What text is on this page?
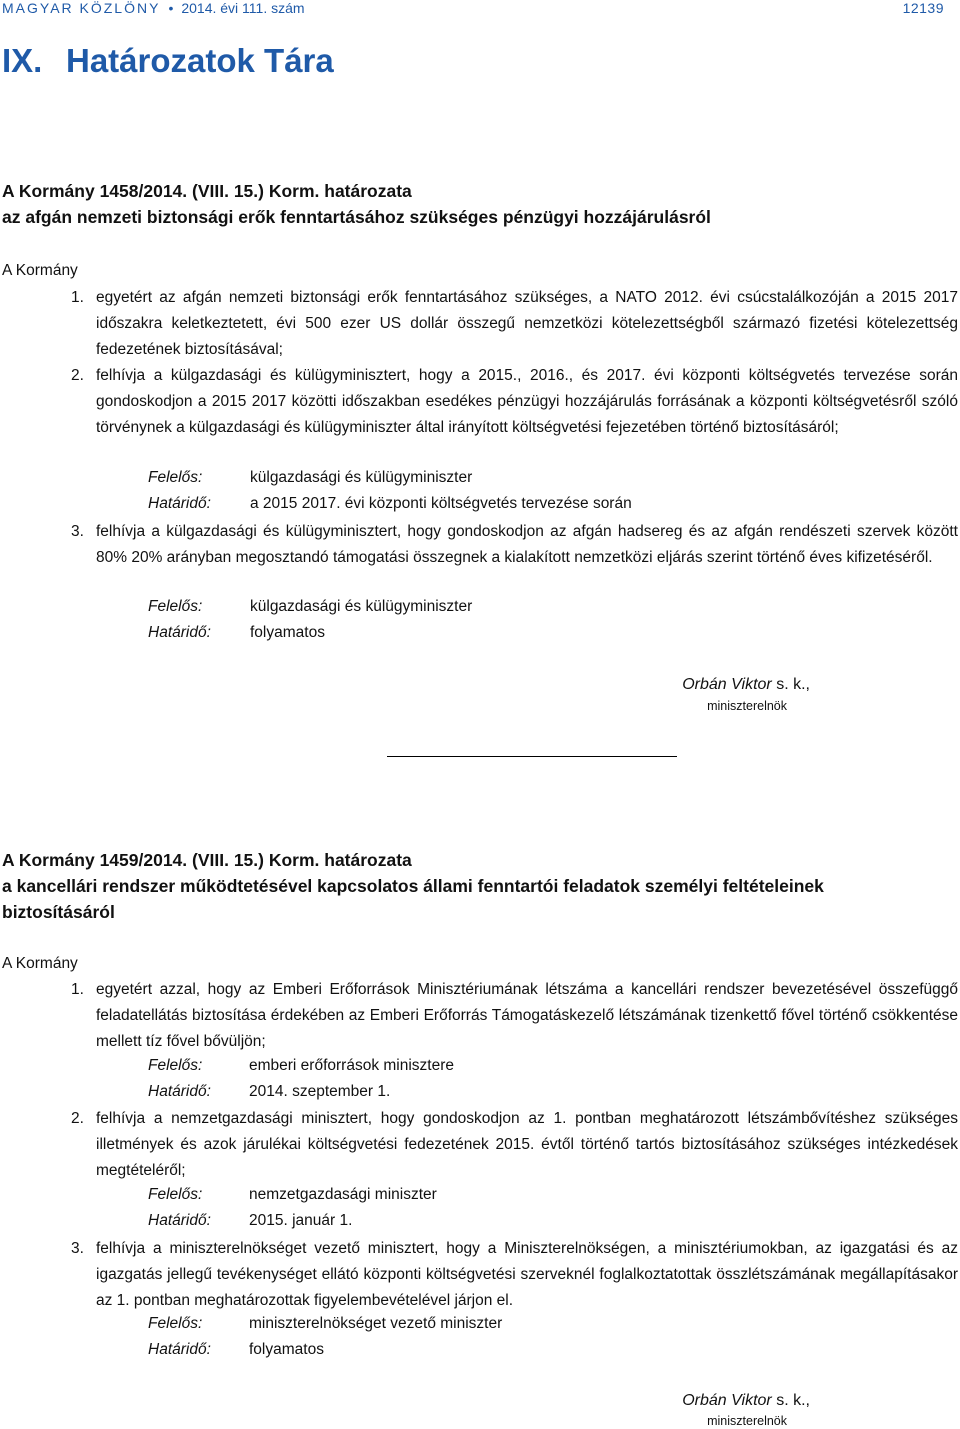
MAGYAR KÖZLÖNY • 2014. évi 111. szám	12139
IX. Határozatok Tára
A Kormány 1458/2014. (VIII. 15.) Korm. határozata
az afgán nemzeti biztonsági erők fenntartásához szükséges pénzügyi hozzájárulásról
A Kormány
1. egyetért az afgán nemzeti biztonsági erők fenntartásához szükséges, a NATO 2012. évi csúcstalálkozóján a 2015 2017 időszakra keletkeztetett, évi 500 ezer US dollár összegű nemzetközi kötelezettségből származó fizetési kötelezettség fedezetének biztosításával;
2. felhívja a külgazdasági és külügyminisztert, hogy a 2015., 2016., és 2017. évi központi költségvetés tervezése során gondoskodjon a 2015 2017 közötti időszakban esedékes pénzügyi hozzájárulás forrásának a központi költségvetésről szóló törvénynek a külgazdasági és külügyminiszter által irányított költségvetési fejezetében történő biztosításáról;
Felelős:	külgazdasági és külügyminiszter
Határidő:	a 2015 2017. évi központi költségvetés tervezése során
3. felhívja a külgazdasági és külügyminisztert, hogy gondoskodjon az afgán hadsereg és az afgán rendészeti szervek között 80% 20% arányban megosztandó támogatási összegnek a kialakított nemzetközi eljárás szerint történő éves kifizetéséről.
Felelős:	külgazdasági és külügyminiszter
Határidő:	folyamatos
Orbán Viktor s. k.,
miniszterelnök
A Kormány 1459/2014. (VIII. 15.) Korm. határozata
a kancellári rendszer működtetésével kapcsolatos állami fenntartói feladatok személyi feltételeinek
biztosításáról
A Kormány
1. egyetért azzal, hogy az Emberi Erőforrások Minisztériumának létszáma a kancellári rendszer bevezetésével összefüggő feladatellátás biztosítása érdekében az Emberi Erőforrás Támogatáskezelő létszámának tizenkettő fővel történő csökkentése mellett tíz fővel bővüljön;
Felelős:	emberi erőforrások minisztere
Határidő: 2014. szeptember 1.
2. felhívja a nemzetgazdasági minisztert, hogy gondoskodjon az 1. pontban meghatározott létszámbővítéshez szükséges illetmények és azok járulékai költségvetési fedezetének 2015. évtől történő tartós biztosításához szükséges intézkedések megtételéről;
Felelős:	nemzetgazdasági miniszter
Határidő: 2015. január 1.
3. felhívja a miniszterelnökséget vezető minisztert, hogy a Miniszterelnökségen, a minisztériumokban, az igazgatási és az igazgatás jellegű tevékenységet ellátó központi költségvetési szerveknél foglalkoztatottak összlétszámának megállapításakor az 1. pontban meghatározottak figyelembevételével járjon el.
Felelős:	miniszterelnökséget vezető miniszter
Határidő: folyamatos
Orbán Viktor s. k.,
miniszterelnök
